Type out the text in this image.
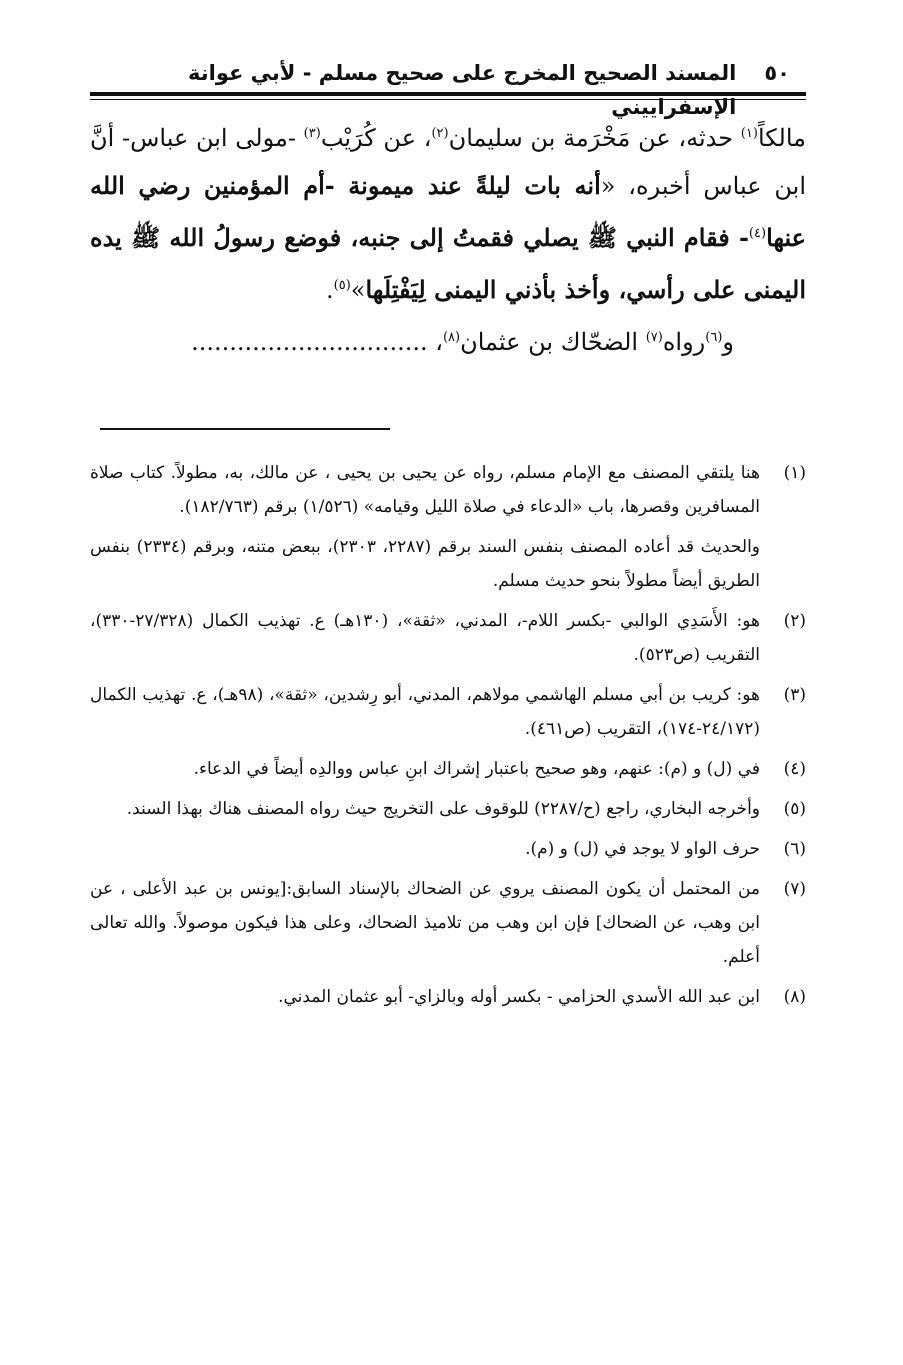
٥٠
المسند الصحيح المخرج على صحيح مسلم - لأبي عوانة الإسفراييني

مالكاً$^{(١)}$ حدثه، عن مَخْرَمة بن سليمان$^{(٢)}$، عن كُرَيْب$^{(٣)}$ -مولى ابن عباس- أنَّ ابن عباس أخبره، «أنه بات ليلةً عند ميمونة -أم المؤمنين رضي الله عنها$^{(٤)}$- فقام النبي ﷺ يصلي فقمتُ إلى جنبه، فوضع رسولُ الله ﷺ يده اليمنى على رأسي، وأخذ بأذني اليمنى لِيَفْتِلَها»$^{(٥)}$.

و$^{(٦)}$رواه$^{(٧)}$ الضحّاك بن عثمان$^{(٨)}$، ...............................

(١)هنا يلتقي المصنف مع الإمام مسلم، رواه عن يحيى بن يحيى ، عن مالك، به، مطولاً. كتاب صلاة المسافرين وقصرها، باب «الدعاء في صلاة الليل وقيامه» (١/٥٢٦) برقم (١٨٢/٧٦٣).

والحديث قد أعاده المصنف بنفس السند برقم (٢٢٨٧، ٢٣٠٣)، ببعض متنه، وبرقم (٢٣٣٤) بنفس الطريق أيضاً مطولاً بنحو حديث مسلم.

(٢)هو: الأَسَدِي الوالبي -بكسر اللام-، المدني، «ثقة»، (١٣٠هـ) ع. تهذيب الكمال (٢٧/٣٢٨-٣٣٠)، التقريب (ص٥٢٣).

(٣)هو: كريب بن أبي مسلم الهاشمي مولاهم، المدني، أبو رِشدين، «ثقة»، (٩٨هـ)، ع. تهذيب الكمال (٢٤/١٧٢-١٧٤)، التقريب (ص٤٦١).

(٤)في (ل) و (م): عنهم، وهو صحيح باعتبار إشراك ابنِ عباس ووالدِه أيضاً في الدعاء.

(٥)وأخرجه البخاري، راجع (ح/٢٢٨٧) للوقوف على التخريج حيث رواه المصنف هناك بهذا السند.

(٦)حرف الواو لا يوجد في (ل) و (م).

(٧)من المحتمل أن يكون المصنف يروي عن الضحاك بالإسناد السابق:[يونس بن عبد الأعلى ، عن ابن وهب، عن الضحاك] فإن ابن وهب من تلاميذ الضحاك، وعلى هذا فيكون موصولاً. والله تعالى أعلم.

(٨)ابن عبد الله الأسدي الحزامي - بكسر أوله وبالزاي- أبو عثمان المدني.
